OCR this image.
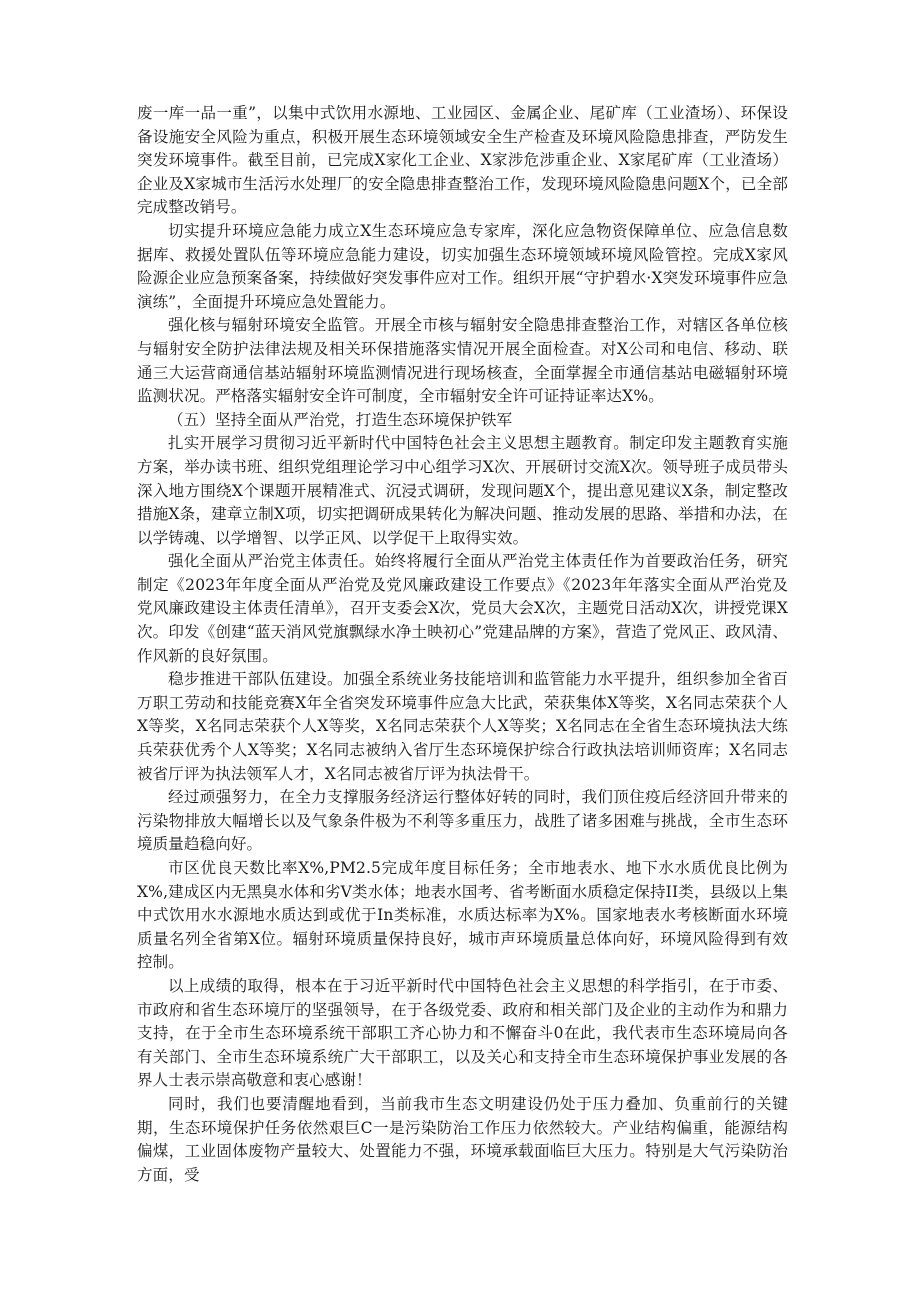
废一库一品一重”，以集中式饮用水源地、工业园区、金属企业、尾矿库（工业渣场）、环保设备设施安全风险为重点，积极开展生态环境领域安全生产检查及环境风险隐患排查，严防发生突发环境事件。截至目前，已完成X家化工企业、X家涉危涉重企业、X家尾矿库（工业渣场）企业及X家城市生活污水处理厂的安全隐患排查整治工作，发现环境风险隐患问题X个，已全部完成整改销号。

切实提升环境应急能力成立X生态环境应急专家库，深化应急物资保障单位、应急信息数据库、救援处置队伍等环境应急能力建设，切实加强生态环境领域环境风险管控。完成X家风险源企业应急预案备案，持续做好突发事件应对工作。组织开展“守护碧水·X突发环境事件应急演练”，全面提升环境应急处置能力。

强化核与辐射环境安全监管。开展全市核与辐射安全隐患排查整治工作，对辖区各单位核与辐射安全防护法律法规及相关环保措施落实情况开展全面检查。对X公司和电信、移动、联通三大运营商通信基站辐射环境监测情况进行现场核查，全面掌握全市通信基站电磁辐射环境监测状况。严格落实辐射安全许可制度，全市辐射安全许可证持证率达X%。

（五）坚持全面从严治党，打造生态环境保护铁军

扎实开展学习贯彻习近平新时代中国特色社会主义思想主题教育。制定印发主题教育实施方案，举办读书班、组织党组理论学习中心组学习X次、开展研讨交流X次。领导班子成员带头深入地方围绕X个课题开展精准式、沉浸式调研，发现问题X个，提出意见建议X条，制定整改措施X条，建章立制X项，切实把调研成果转化为解决问题、推动发展的思路、举措和办法，在以学铸魂、以学增智、以学正风、以学促干上取得实效。

强化全面从严治党主体责任。始终将履行全面从严治党主体责任作为首要政治任务，研究制定《2023年年度全面从严治党及党风廉政建设工作要点》《2023年年落实全面从严治党及党风廉政建设主体责任清单》，召开支委会X次，党员大会X次，主题党日活动X次，讲授党课X次。印发《创建“蓝天消风党旗飘绿水净土映初心”党建品牌的方案》，营造了党风正、政风清、作风新的良好氛围。

稳步推进干部队伍建设。加强全系统业务技能培训和监管能力水平提升，组织参加全省百万职工劳动和技能竞赛X年全省突发环境事件应急大比武，荣获集体X等奖，X名同志荣获个人X等奖，X名同志荣获个人X等奖，X名同志荣获个人X等奖；X名同志在全省生态环境执法大练兵荣获优秀个人X等奖；X名同志被纳入省厅生态环境保护综合行政执法培训师资库；X名同志被省厅评为执法领军人才，X名同志被省厅评为执法骨干。

经过顽强努力，在全力支撑服务经济运行整体好转的同时，我们顶住疫后经济回升带来的污染物排放大幅增长以及气象条件极为不利等多重压力，战胜了诸多困难与挑战，全市生态环境质量趋稳向好。

市区优良天数比率X%,PM2.5完成年度目标任务；全市地表水、地下水水质优良比例为X%,建成区内无黑臭水体和劣V类水体；地表水国考、省考断面水质稳定保持II类，县级以上集中式饮用水水源地水质达到或优于In类标准，水质达标率为X%。国家地表水考核断面水环境质量名列全省第X位。辐射环境质量保持良好，城市声环境质量总体向好，环境风险得到有效控制。

以上成绩的取得，根本在于习近平新时代中国特色社会主义思想的科学指引，在于市委、市政府和省生态环境厅的坚强领导，在于各级党委、政府和相关部门及企业的主动作为和鼎力支持，在于全市生态环境系统干部职工齐心协力和不懈奋斗0在此，我代表市生态环境局向各有关部门、全市生态环境系统广大干部职工，以及关心和支持全市生态环境保护事业发展的各界人士表示崇高敬意和衷心感谢！

同时，我们也要清醒地看到，当前我市生态文明建设仍处于压力叠加、负重前行的关键期，生态环境保护任务依然艰巨C一是污染防治工作压力依然较大。产业结构偏重，能源结构偏煤，工业固体废物产量较大、处置能力不强，环境承载面临巨大压力。特别是大气污染防治方面，受
